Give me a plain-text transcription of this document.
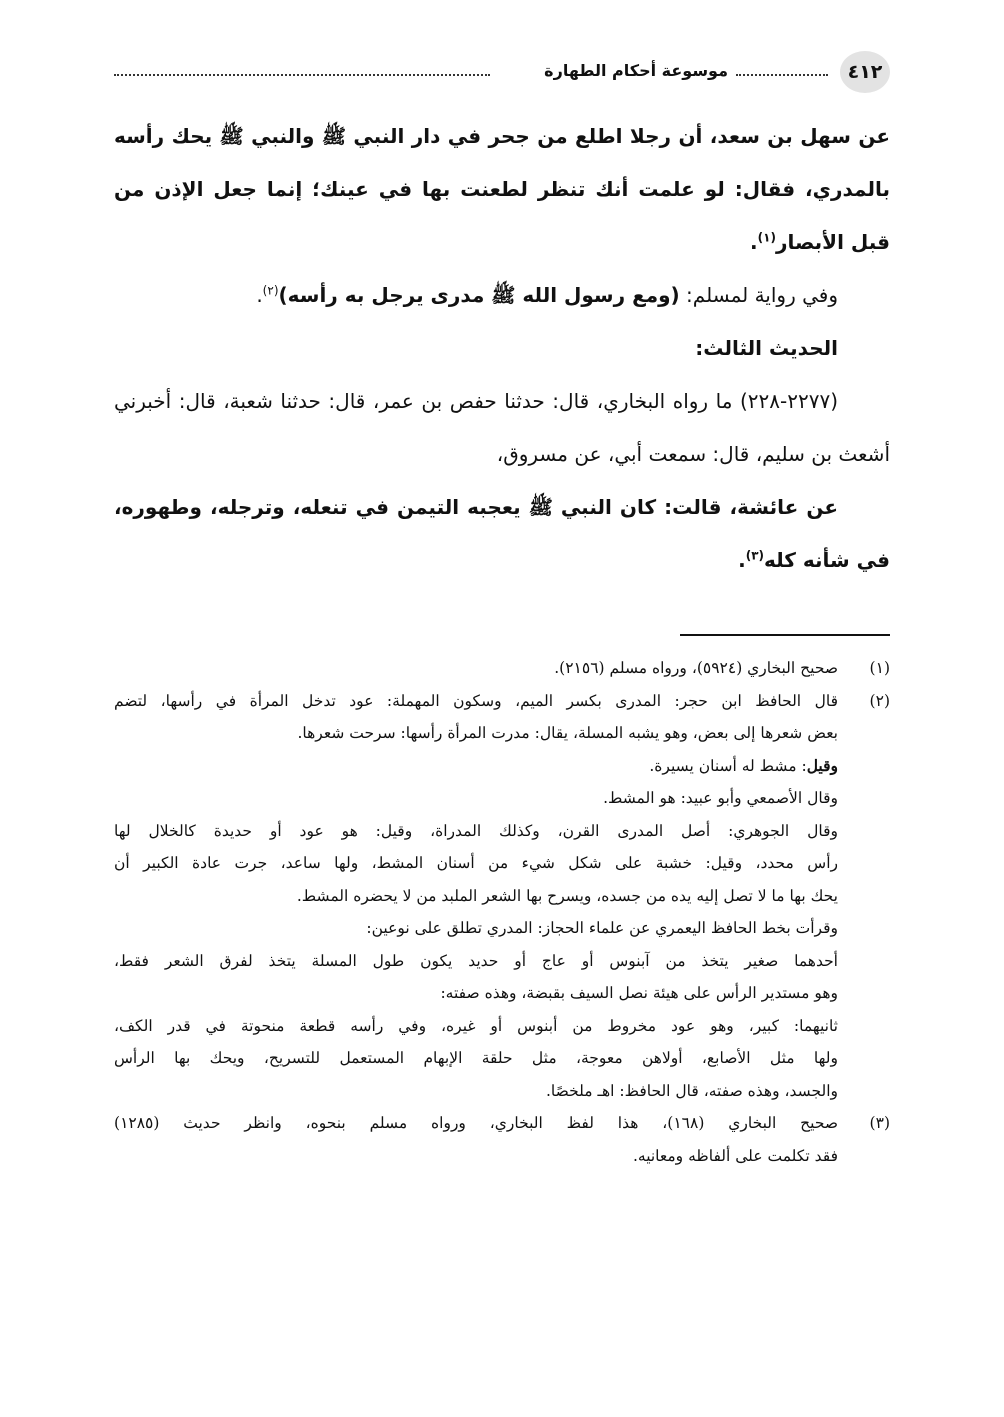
٤١٢
موسوعة أحكام الطهارة

عن سهل بن سعد، أن رجلا اطلع من جحر في دار النبي ﷺ والنبي ﷺ يحك رأسه بالمدري، فقال: لو علمت أنك تنظر لطعنت بها في عينك؛ إنما جعل الإذن من قبل الأبصار$^{(١)}$.

وفي رواية لمسلم: (ومع رسول الله ﷺ مدرى يرجل به رأسه)$^{(٢)}$.

الحديث الثالث:

(٢٢٧٧-٢٢٨) ما رواه البخاري، قال: حدثنا حفص بن عمر، قال: حدثنا شعبة، قال: أخبرني أشعث بن سليم، قال: سمعت أبي، عن مسروق،

عن عائشة، قالت: كان النبي ﷺ يعجبه التيمن في تنعله، وترجله، وطهوره، في شأنه كله$^{(٣)}$.

(١)
صحيح البخاري (٥٩٢٤)، ورواه مسلم (٢١٥٦).
(٢)
قال الحافظ ابن حجر: المدرى بكسر الميم، وسكون المهملة: عود تدخل المرأة في رأسها، لتضم
بعض شعرها إلى بعض، وهو يشبه المسلة، يقال: مدرت المرأة رأسها: سرحت شعرها.
وقيل: مشط له أسنان يسيرة.
وقال الأصمعي وأبو عبيد: هو المشط.
وقال الجوهري: أصل المدرى القرن، وكذلك المدراة، وقيل: هو عود أو حديدة كالخلال لها
رأس محدد، وقيل: خشبة على شكل شيء من أسنان المشط، ولها ساعد، جرت عادة الكبير أن
يحك بها ما لا تصل إليه يده من جسده، ويسرح بها الشعر الملبد من لا يحضره المشط.
وقرأت بخط الحافظ اليعمري عن علماء الحجاز: المدري تطلق على نوعين:
أحدهما صغير يتخذ من آبنوس أو عاج أو حديد يكون طول المسلة يتخذ لفرق الشعر فقط،
وهو مستدير الرأس على هيئة نصل السيف بقبضة، وهذه صفته:
ثانيهما: كبير، وهو عود مخروط من أبنوس أو غيره، وفي رأسه قطعة منحوتة في قدر الكف،
ولها مثل الأصابع، أولاهن معوجة، مثل حلقة الإبهام المستعمل للتسريح، ويحك بها الرأس
والجسد، وهذه صفته، قال الحافظ: اهـ ملخصًا.
(٣)
صحيح البخاري (١٦٨)، هذا لفظ البخاري، ورواه مسلم بنحوه، وانظر حديث (١٢٨٥)
فقد تكلمت على ألفاظه ومعانيه.
